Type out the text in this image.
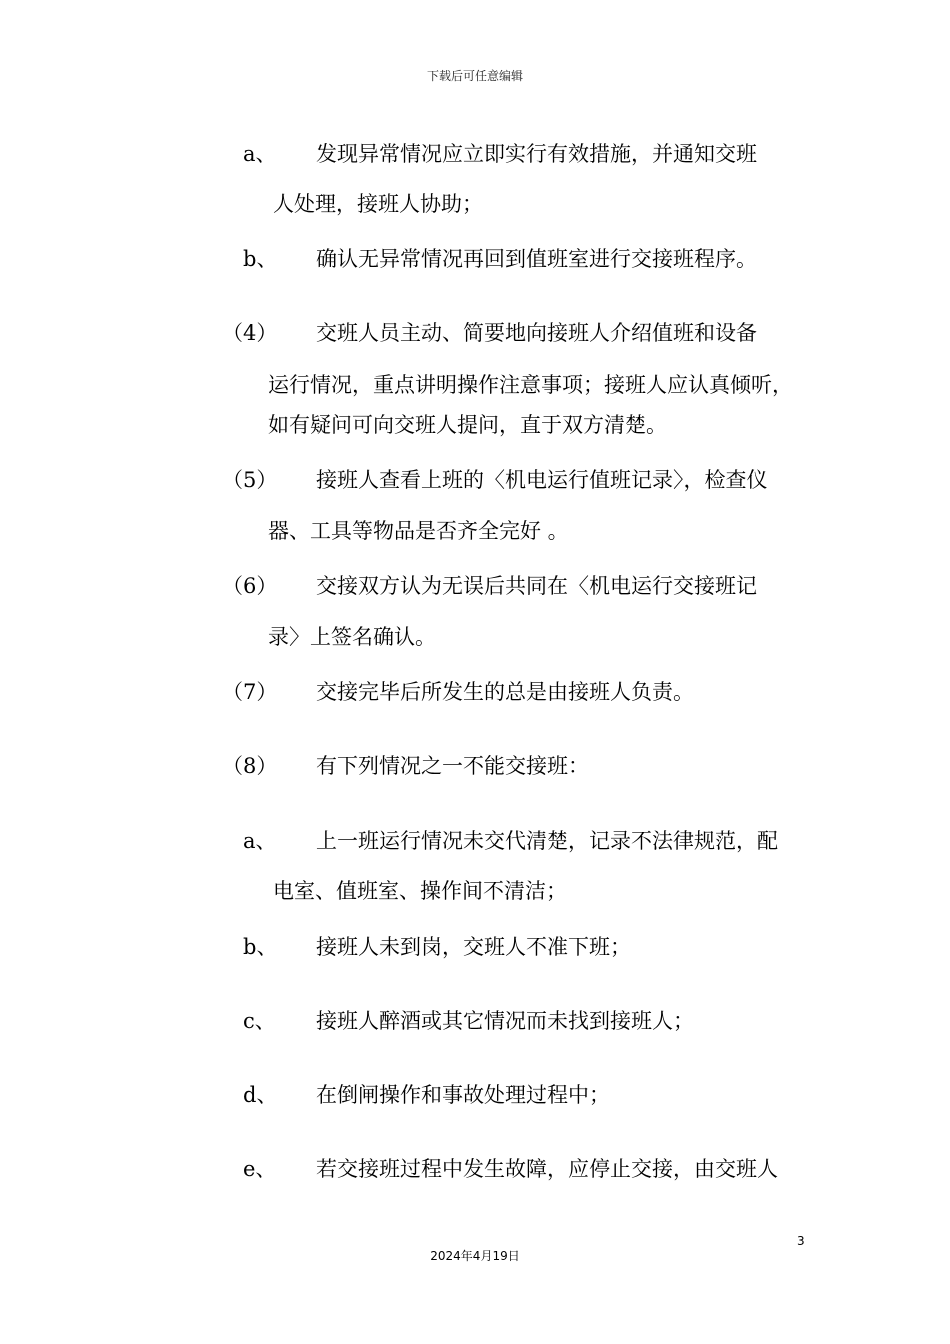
下载后可任意编辑
a、 发现异常情况应立即实行有效措施，并通知交班
人处理，接班人协助；
b、 确认无异常情况再回到值班室进行交接班程序。
（4） 交班人员主动、简要地向接班人介绍值班和设备
运行情况，重点讲明操作注意事项；接班人应认真倾听，
如有疑问可向交班人提问，直于双方清楚。
（5） 接班人查看上班的〈机电运行值班记录〉，检查仪
器、工具等物品是否齐全完好 。
（6） 交接双方认为无误后共同在〈机电运行交接班记
录〉上签名确认。
（7） 交接完毕后所发生的总是由接班人负责。
（8） 有下列情况之一不能交接班：
a、 上一班运行情况未交代清楚，记录不法律规范，配
电室、值班室、操作间不清洁；
b、 接班人未到岗，交班人不准下班；
c、 接班人醉酒或其它情况而未找到接班人；
d、 在倒闸操作和事故处理过程中；
e、 若交接班过程中发生故障，应停止交接，由交班人
3
2024年4月19日
